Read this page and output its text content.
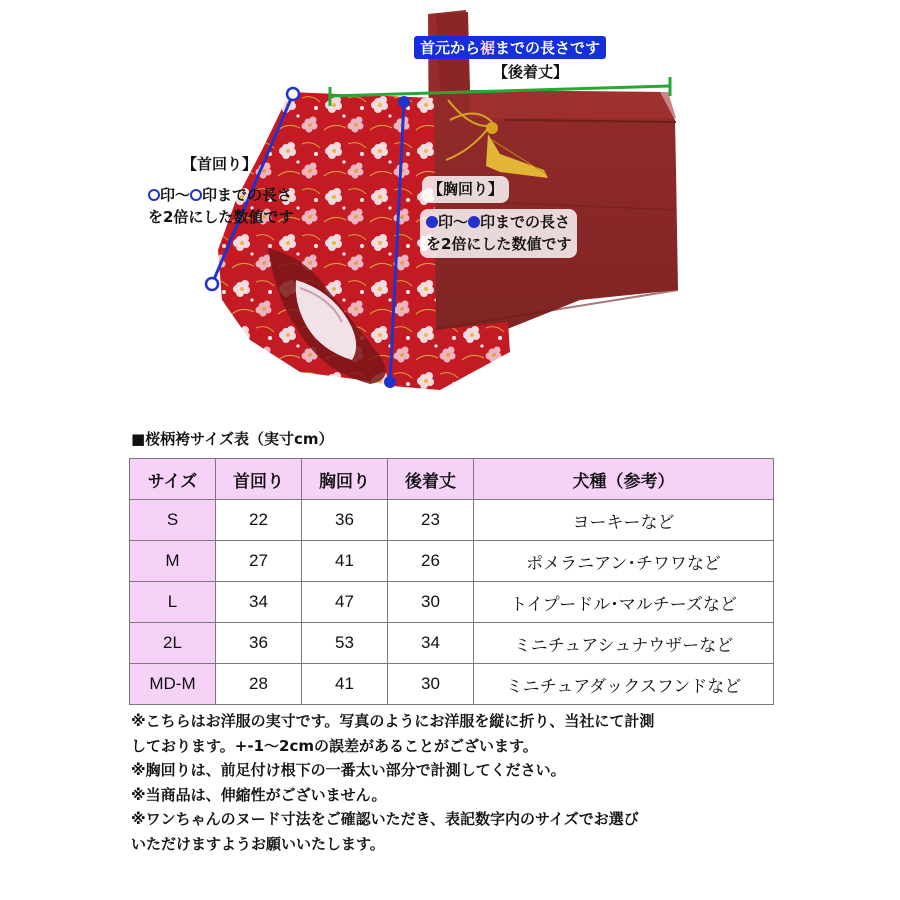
首元から裾までの長さです
【後着丈】
【首回り】
印～ 印までの長さ
を2倍にした数値です
【胸回り】
印～ 印までの長さ
を2倍にした数値です
■桜柄袴サイズ表（実寸cm）
サイズ	首回り	胸回り	後着丈	犬種（参考）
S	22	36	23	ヨーキーなど
M	27	41	26	ポメラニアン･チワワなど
L	34	47	30	トイプードル･マルチーズなど
2L	36	53	34	ミニチュアシュナウザーなど
MD-M	28	41	30	ミニチュアダックスフンドなど
※こちらはお洋服の実寸です。写真のようにお洋服を縦に折り、当社にて計測
しております。+-1～2cmの誤差があることがございます。
※胸回りは、前足付け根下の一番太い部分で計測してください。
※当商品は、伸縮性がございません。
※ワンちゃんのヌード寸法をご確認いただき、表記数字内のサイズでお選び
いただけますようお願いいたします。
